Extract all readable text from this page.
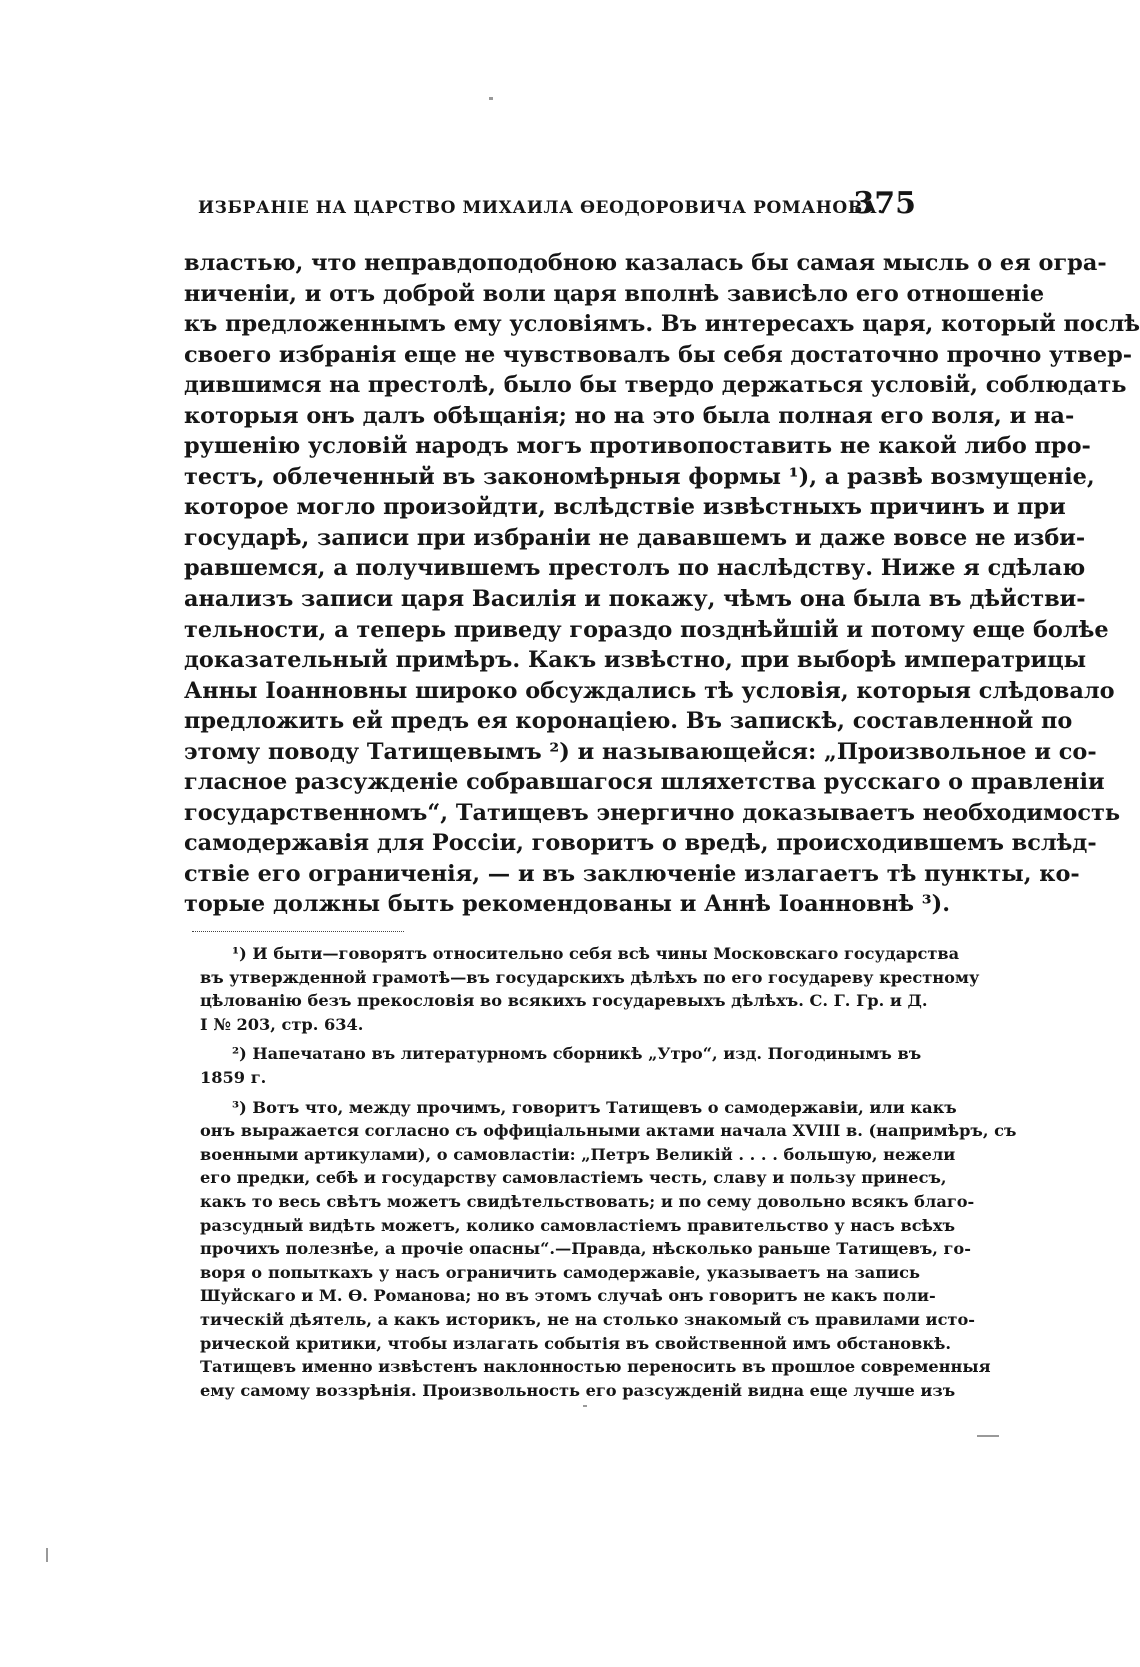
ИЗБРАНІЕ НА ЦАРСТВО МИХАИЛА ѲЕОДОРОВИЧА РОМАНОВА.
375
властью, что неправдоподобною казалась бы самая мысль о ея огра-
ниченіи, и отъ доброй воли царя вполнѣ зависѣло его отношеніе
къ предложеннымъ ему условіямъ. Въ интересахъ царя, который послѣ
своего избранія еще не чувствовалъ бы себя достаточно прочно утвер-
дившимся на престолѣ, было бы твердо держаться условій, соблюдать
которыя онъ далъ обѣщанія; но на это была полная его воля, и на-
рушенію условій народъ могъ противопоставить не какой либо про-
тестъ, облеченный въ закономѣрныя формы ¹), а развѣ возмущеніе,
которое могло произойдти, вслѣдствіе извѣстныхъ причинъ и при
государѣ, записи при избраніи не дававшемъ и даже вовсе не изби-
равшемся, а получившемъ престолъ по наслѣдству. Ниже я сдѣлаю
анализъ записи царя Василія и покажу, чѣмъ она была въ дѣйстви-
тельности, а теперь приведу гораздо позднѣйшій и потому еще болѣе
доказательный примѣръ. Какъ извѣстно, при выборѣ императрицы
Анны Іоанновны широко обсуждались тѣ условія, которыя слѣдовало
предложить ей предъ ея коронаціею. Въ запискѣ, составленной по
этому поводу Татищевымъ ²) и называющейся: „Произвольное и со-
гласное разсужденіе собравшагося шляхетства русскаго о правленіи
государственномъ“, Татищевъ энергично доказываетъ необходимость
самодержавія для Россіи, говоритъ о вредѣ, происходившемъ вслѣд-
ствіе его ограниченія, — и въ заключеніе излагаетъ тѣ пункты, ко-
торые должны быть рекомендованы и Аннѣ Іоанновнѣ ³).
¹) И быти—говорятъ относительно себя всѣ чины Московскаго государства
въ утвержденной грамотѣ—въ государскихъ дѣлѣхъ по его государеву крестному
цѣлованію безъ прекословія во всякихъ государевыхъ дѣлѣхъ. С. Г. Гр. и Д.
I № 203, стр. 634.
²) Напечатано въ литературномъ сборникѣ „Утро“, изд. Погодинымъ въ
1859 г.
³) Вотъ что, между прочимъ, говоритъ Татищевъ о самодержавіи, или какъ
онъ выражается согласно съ оффиціальными актами начала XVIII в. (напримѣръ, съ
военными артикулами), о самовластіи: „Петръ Великій . . . . большую, нежели
его предки, себѣ и государству самовластіемъ честь, славу и пользу принесъ,
какъ то весь свѣтъ можетъ свидѣтельствовать; и по сему довольно всякъ благо-
разсудный видѣть можетъ, колико самовластіемъ правительство у насъ всѣхъ
прочихъ полезнѣе, а прочіе опасны“.—Правда, нѣсколько раньше Татищевъ, го-
воря о попыткахъ у насъ ограничить самодержавіе, указываетъ на запись
Шуйскаго и М. Ѳ. Романова; но въ этомъ случаѣ онъ говоритъ не какъ поли-
тическій дѣятель, а какъ историкъ, не на столько знакомый съ правилами исто-
рической критики, чтобы излагать событія въ свойственной имъ обстановкѣ.
Татищевъ именно извѣстенъ наклонностью переносить въ прошлое современныя
ему самому воззрѣнія. Произвольность его разсужденій видна еще лучше изъ
